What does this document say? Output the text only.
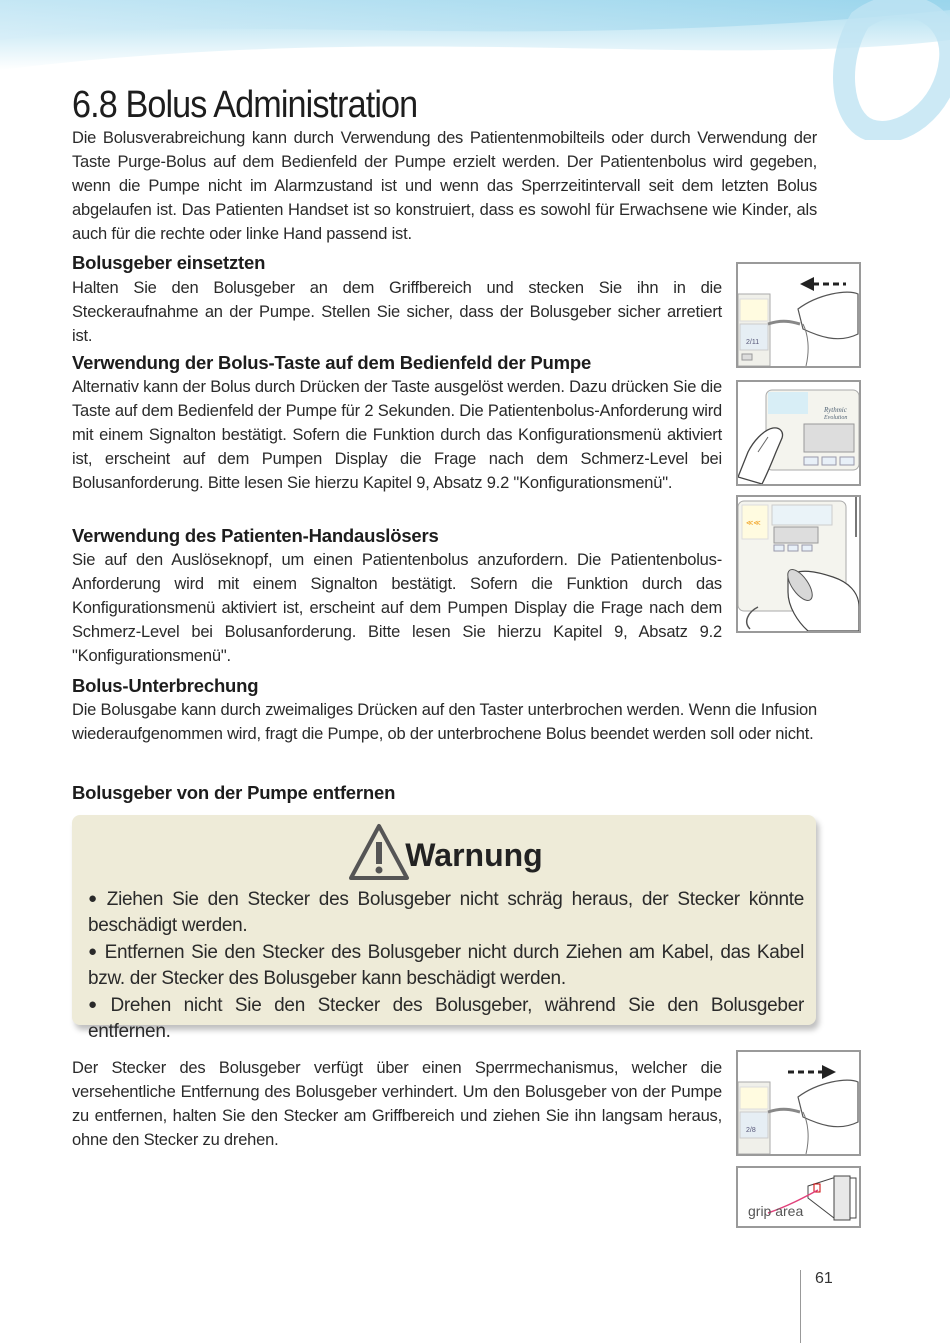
6.8 Bolus Administration

Die Bolusverabreichung kann durch Verwendung des Patientenmobilteils oder durch Verwendung der Taste Purge-Bolus auf dem Bedienfeld der Pumpe erzielt werden. Der Patientenbolus wird gegeben, wenn die Pumpe nicht im Alarmzustand ist und wenn das Sperrzeitintervall seit dem letzten Bolus abgelaufen ist. Das Patienten Handset ist so konstruiert, dass es sowohl für Erwachsene wie Kinder, als auch für die rechte oder linke Hand passend ist.

Bolusgeber einsetzten

Halten Sie den Bolusgeber an dem Griffbereich und stecken Sie ihn in die Steckeraufnahme an der Pumpe. Stellen Sie sicher, dass der Bolusgeber sicher arretiert ist.

Verwendung der Bolus-Taste auf dem Bedienfeld der Pumpe

Alternativ kann der Bolus durch Drücken der Taste ausgelöst werden. Dazu drücken Sie die Taste auf dem Bedienfeld der Pumpe für 2 Sekunden. Die Patientenbolus-Anforderung wird mit einem Signalton bestätigt. Sofern die Funktion durch das Konfigurationsmenü aktiviert ist, erscheint auf dem Pumpen Display die Frage nach dem Schmerz-Level bei Bolusanforderung. Bitte lesen Sie hierzu Kapitel 9, Absatz 9.2 "Konfigurationsmenü".

Verwendung des Patienten-Handauslösers

Sie auf den Auslöseknopf, um einen Patientenbolus anzufordern. Die Patientenbolus-Anforderung wird mit einem Signalton bestätigt. Sofern die Funktion durch das Konfigurationsmenü aktiviert ist, erscheint auf dem Pumpen Display die Frage nach dem Schmerz-Level bei Bolusanforderung. Bitte lesen Sie hierzu Kapitel 9, Absatz 9.2 "Konfigurationsmenü".

Bolus-Unterbrechung

Die Bolusgabe kann durch zweimaliges Drücken auf den Taster unterbrochen werden. Wenn die Infusion wiederaufgenommen wird, fragt die Pumpe, ob der unterbrochene Bolus beendet werden soll oder nicht.

Bolusgeber von der Pumpe entfernen
Warnung
● Ziehen Sie den Stecker des Bolusgeber nicht schräg heraus, der Stecker könnte beschädigt werden.
● Entfernen Sie den Stecker des Bolusgeber nicht durch Ziehen am Kabel, das Kabel bzw. der Stecker des Bolusgeber kann beschädigt werden.
● Drehen nicht Sie den Stecker des Bolusgeber, während Sie den Bolusgeber entfernen.

Der Stecker des Bolusgeber verfügt über einen Sperrmechanismus, welcher die versehentliche Entfernung des Bolusgeber verhindert. Um den Bolusgeber von der Pumpe zu entfernen, halten Sie den Stecker am Griffbereich und ziehen Sie ihn langsam heraus, ohne den Stecker zu drehen.

2/11
Rythmic
Evolution
≪≪
2/8
grip area
61
